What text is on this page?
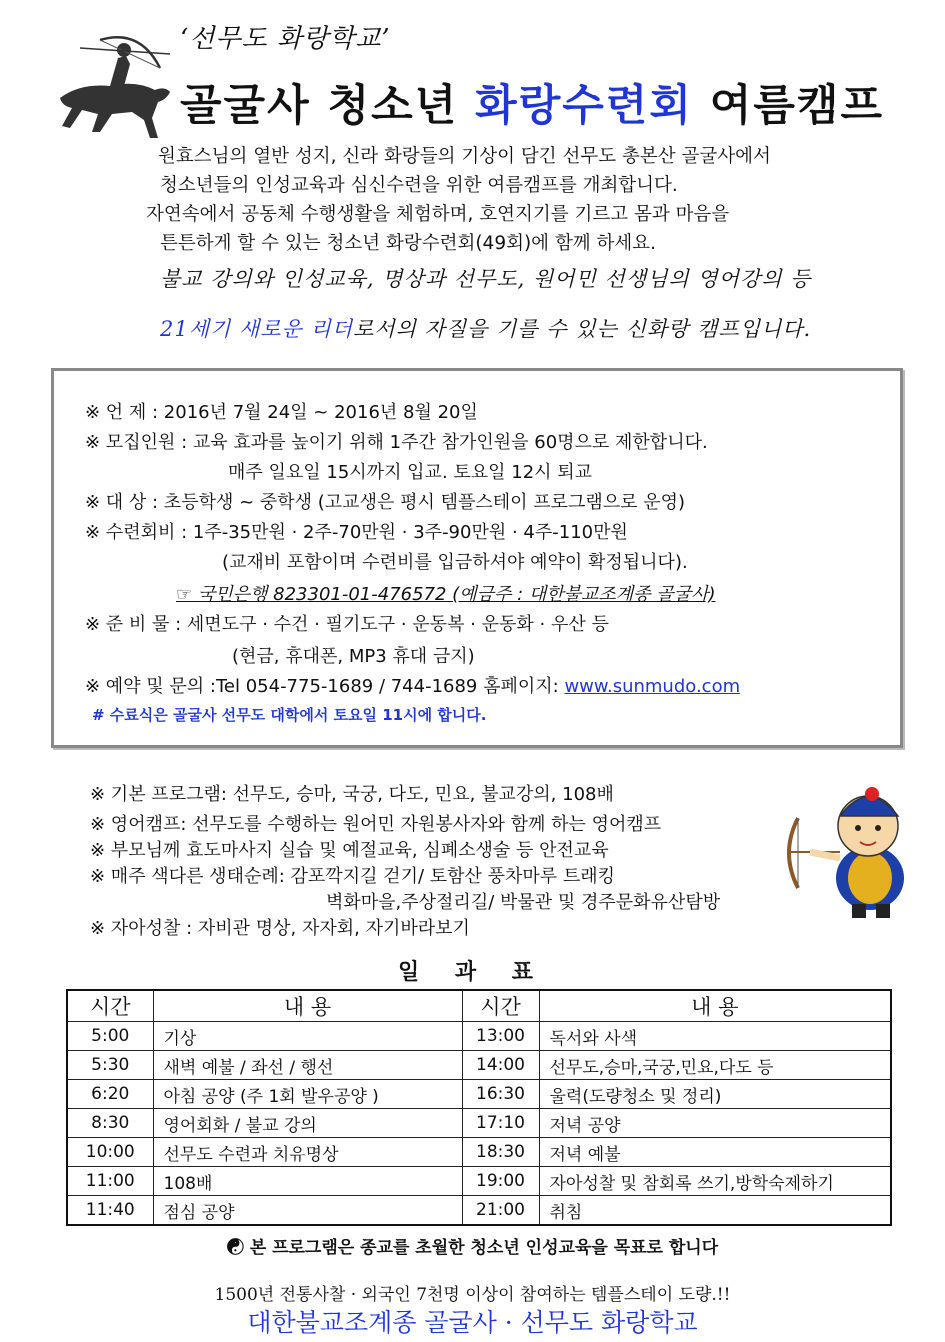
‘선무도 화랑학교’
골굴사 청소년 화랑수련회 여름캠프
원효스님의 열반 성지, 신라 화랑들의 기상이 담긴 선무도 총본산 골굴사에서
청소년들의 인성교육과 심신수련을 위한 여름캠프를 개최합니다.
자연속에서 공동체 수행생활을 체험하며, 호연지기를 기르고 몸과 마음을
튼튼하게 할 수 있는 청소년 화랑수련회(49회)에 함께 하세요.
불교 강의와 인성교육, 명상과 선무도, 원어민 선생님의 영어강의 등
21세기 새로운 리더로서의 자질을 기를 수 있는 신화랑 캠프입니다.
※ 언 제 : 2016년 7월 24일 ~ 2016년 8월 20일
※ 모집인원 : 교육 효과를 높이기 위해 1주간 참가인원을 60명으로 제한합니다.
매주 일요일 15시까지 입교. 토요일 12시 퇴교
※ 대 상 : 초등학생 ~ 중학생 (고교생은 평시 템플스테이 프로그램으로 운영)
※ 수련회비 : 1주-35만원 · 2주-70만원 · 3주-90만원 · 4주-110만원
(교재비 포함이며 수련비를 입금하셔야 예약이 확정됩니다).
☞ 국민은행 823301-01-476572 (예금주 : 대한불교조계종 골굴사)
※ 준 비 물 : 세면도구 · 수건 · 필기도구 · 운동복 · 운동화 · 우산 등
(현금, 휴대폰, MP3 휴대 금지)
※ 예약 및 문의 :Tel 054-775-1689 / 744-1689 홈페이지: www.sunmudo.com
# 수료식은 골굴사 선무도 대학에서 토요일 11시에 합니다.
※ 기본 프로그램: 선무도, 승마, 국궁, 다도, 민요, 불교강의, 108배
※ 영어캠프: 선무도를 수행하는 원어민 자원봉사자와 함께 하는 영어캠프
※ 부모님께 효도마사지 실습 및 예절교육, 심폐소생술 등 안전교육
※ 매주 색다른 생태순례: 감포깍지길 걷기/ 토함산 풍차마루 트래킹
벽화마을,주상절리길/ 박물관 및 경주문화유산탐방
※ 자아성찰 : 자비관 명상, 자자회, 자기바라보기
일 과 표
시간	내 용	시간	내 용
5:00	기상	13:00	독서와 사색
5:30	새벽 예불 / 좌선 / 행선	14:00	선무도,승마,국궁,민요,다도 등
6:20	아침 공양 (주 1회 발우공양 )	16:30	울력(도량청소 및 정리)
8:30	영어회화 / 불교 강의	17:10	저녁 공양
10:00	선무도 수련과 치유명상	18:30	저녁 예불
11:00	108배	19:00	자아성찰 및 참회록 쓰기,방학숙제하기
11:40	점심 공양	21:00	취침
☯ 본 프로그램은 종교를 초월한 청소년 인성교육을 목표로 합니다
1500년 전통사찰 · 외국인 7천명 이상이 참여하는 템플스테이 도량.!!
대한불교조계종 골굴사 · 선무도 화랑학교
